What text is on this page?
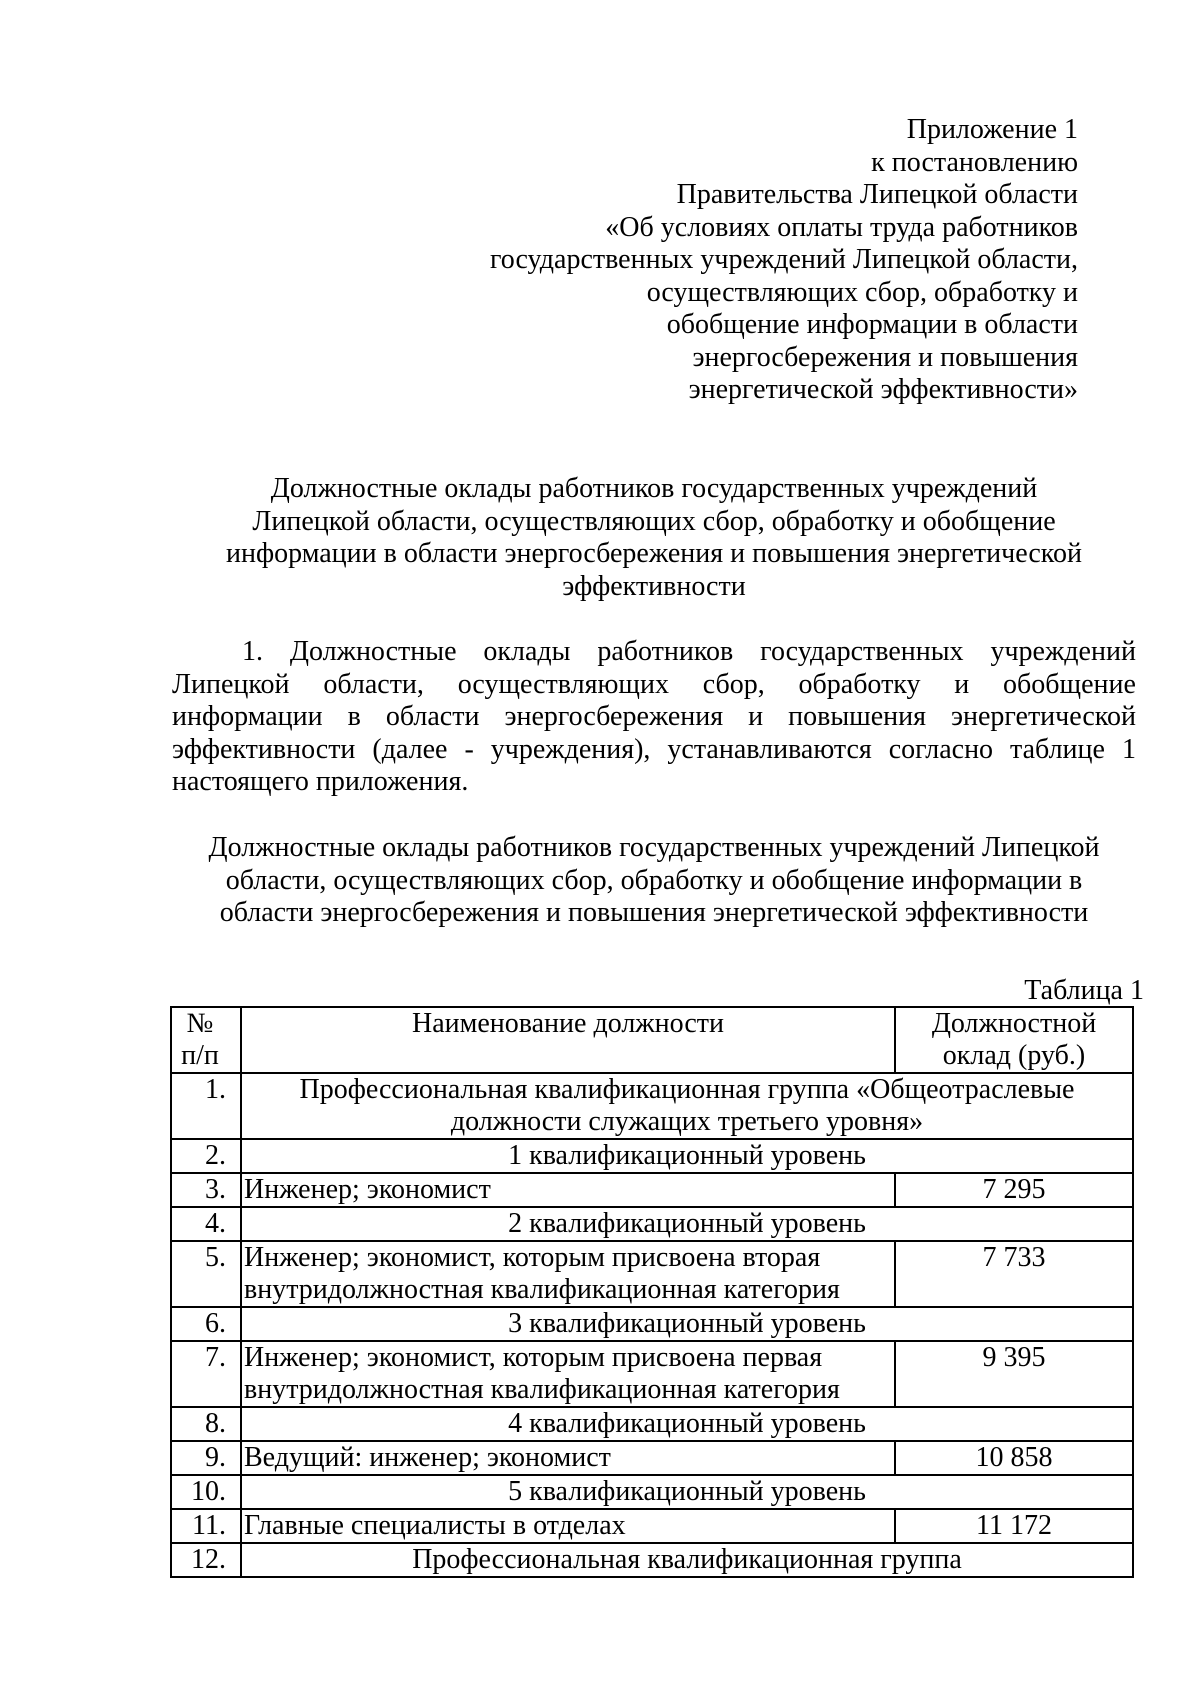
Приложение 1
к постановлению
Правительства Липецкой области
«Об условиях оплаты труда работников
государственных учреждений Липецкой области,
осуществляющих сбор, обработку и
обобщение информации в области
энергосбережения и повышения
энергетической эффективности»
Должностные оклады работников государственных учреждений
Липецкой области, осуществляющих сбор, обработку и обобщение
информации в области энергосбережения и повышения энергетической
эффективности
1. Должностные оклады работников государственных учреждений
Липецкой области, осуществляющих сбор, обработку и обобщение
информации в области энергосбережения и повышения энергетической
эффективности (далее - учреждения), устанавливаются согласно таблице 1
настоящего приложения.
Должностные оклады работников государственных учреждений Липецкой
области, осуществляющих сбор, обработку и обобщение информации в
области энергосбережения и повышения энергетической эффективности
Таблица 1
№ п/п	Наименование должности	Должностной оклад (руб.)
1.	Профессиональная квалификационная группа «Общеотраслевые должности служащих третьего уровня»	
2.	1 квалификационный уровень	
3.	Инженер; экономист	7 295
4.	2 квалификационный уровень	
5.	Инженер; экономист, которым присвоена вторая внутридолжностная квалификационная категория	7 733
6.	3 квалификационный уровень	
7.	Инженер; экономист, которым присвоена первая внутридолжностная квалификационная категория	9 395
8.	4 квалификационный уровень	
9.	Ведущий: инженер; экономист	10 858
10.	5 квалификационный уровень	
11.	Главные специалисты в отделах	11 172
12.	Профессиональная квалификационная группа	
